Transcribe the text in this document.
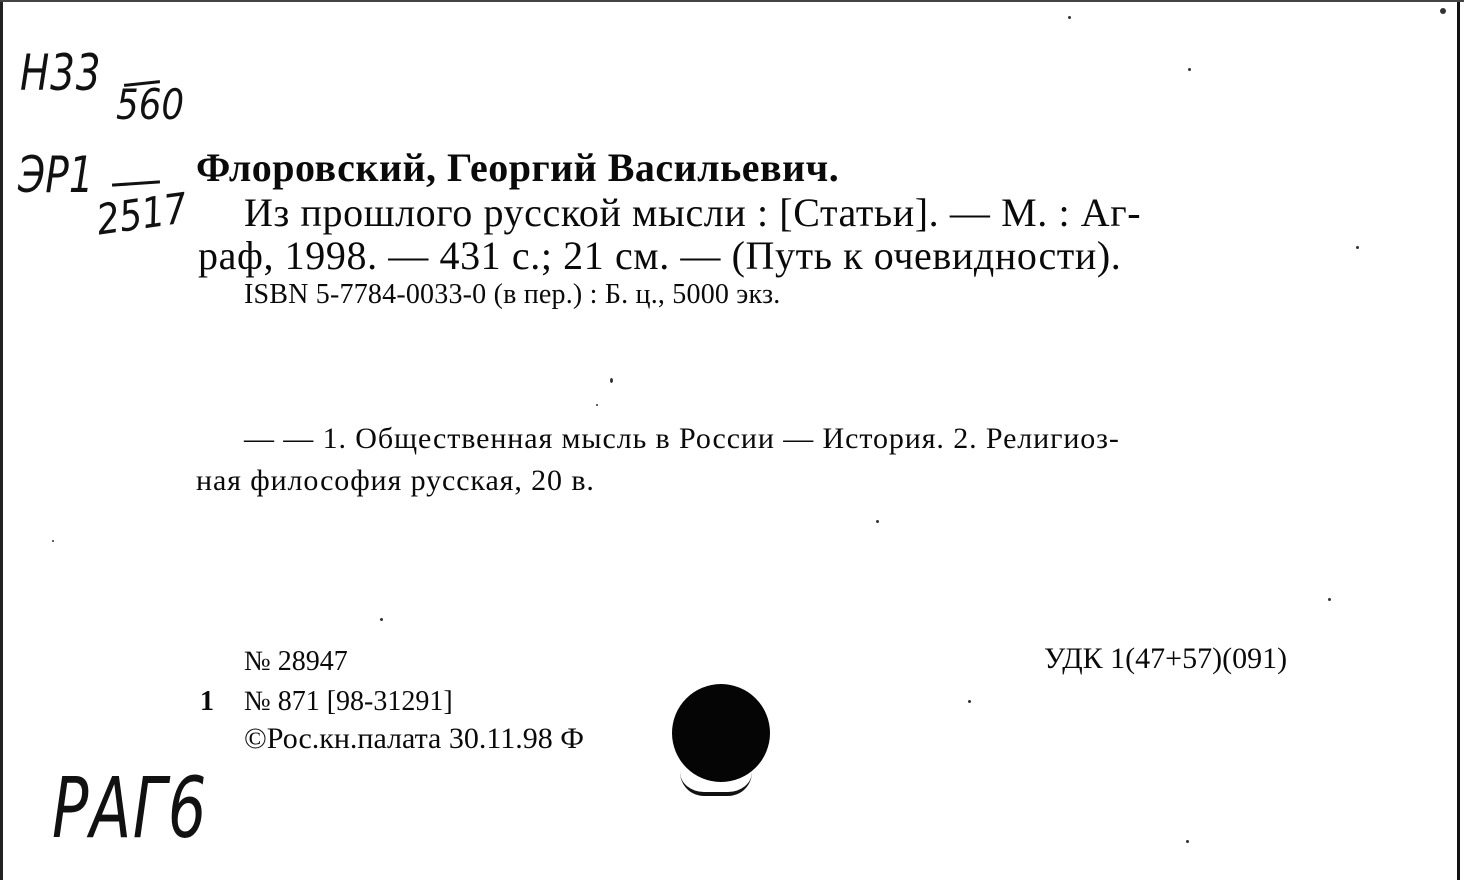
Н33
560
ЭР1
2517
Флоровский, Георгий Васильевич.
Из прошлого русской мысли : [Статьи]. — М. : Аг-
раф, 1998. — 431 с.; 21 см. — (Путь к очевидности).
ISBN 5-7784-0033-0 (в пер.) : Б. ц., 5000 экз.
— — 1. Общественная мысль в России — История. 2. Религиоз-
ная философия русская, 20 в.
№ 28947
1 № 871 [98-31291]
©Рос.кн.палата 30.11.98 Ф
УДК 1(47+57)(091)
РАГ6
